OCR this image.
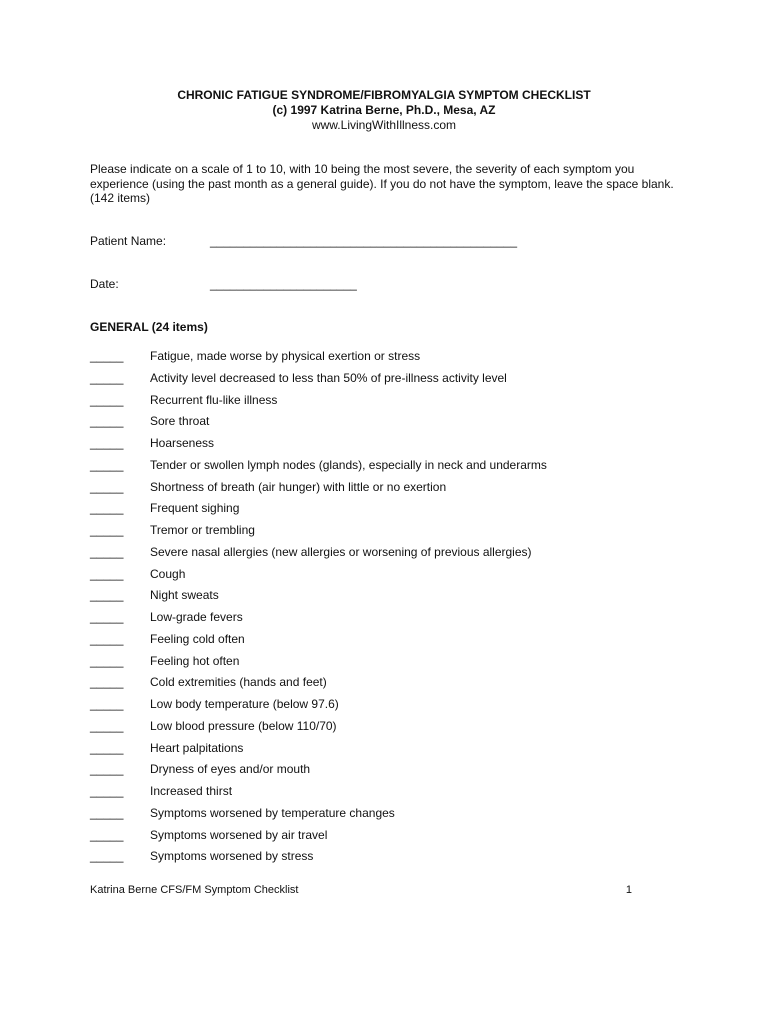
CHRONIC FATIGUE SYNDROME/FIBROMYALGIA SYMPTOM CHECKLIST
(c) 1997 Katrina Berne, Ph.D., Mesa, AZ
www.LivingWithIllness.com
Please indicate on a scale of 1 to 10, with 10 being the most severe, the severity of each symptom you experience (using the past month as a general guide). If you do not have the symptom, leave the space blank. (142 items)
Patient Name:	______________________________________________
Date:	______________________
GENERAL (24 items)
_____ Fatigue, made worse by physical exertion or stress
_____ Activity level decreased to less than 50% of pre-illness activity level
_____ Recurrent flu-like illness
_____ Sore throat
_____ Hoarseness
_____ Tender or swollen lymph nodes (glands), especially in neck and underarms
_____ Shortness of breath (air hunger) with little or no exertion
_____ Frequent sighing
_____ Tremor or trembling
_____ Severe nasal allergies (new allergies or worsening of previous allergies)
_____ Cough
_____ Night sweats
_____ Low-grade fevers
_____ Feeling cold often
_____ Feeling hot often
_____ Cold extremities (hands and feet)
_____ Low body temperature (below 97.6)
_____ Low blood pressure (below 110/70)
_____ Heart palpitations
_____ Dryness of eyes and/or mouth
_____ Increased thirst
_____ Symptoms worsened by temperature changes
_____ Symptoms worsened by air travel
_____ Symptoms worsened by stress
Katrina Berne CFS/FM Symptom Checklist	1
